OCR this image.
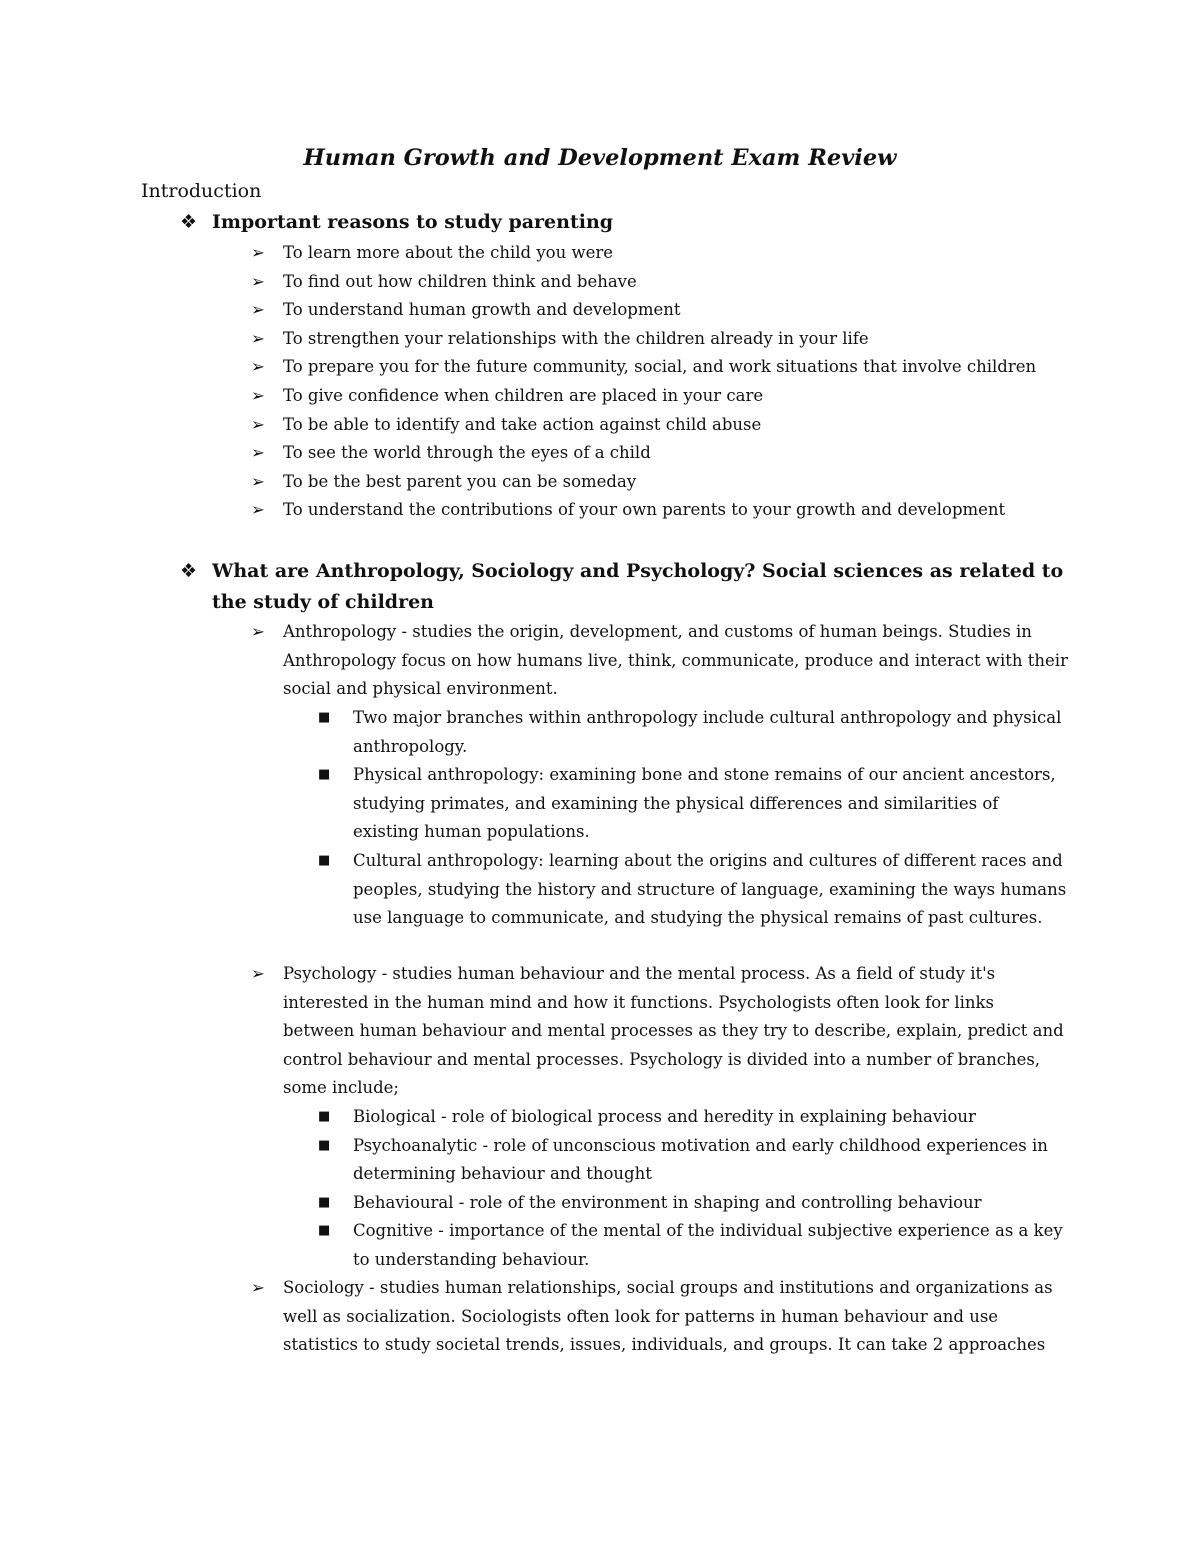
Human Growth and Development Exam Review

Introduction

❖ Important reasons to study parenting
➢	To learn more about the child you were
➢	To find out how children think and behave
➢	To understand human growth and development
➢	To strengthen your relationships with the children already in your life
➢	To prepare you for the future community, social, and work situations that involve children
➢	To give confidence when children are placed in your care
➢	To be able to identify and take action against child abuse
➢	To see the world through the eyes of a child
➢	To be the best parent you can be someday
➢	To understand the contributions of your own parents to your growth and development
❖ What are Anthropology, Sociology and Psychology? Social sciences as related to the study of children
➢	Anthropology - studies the origin, development, and customs of human beings. Studies in Anthropology focus on how humans live, think, communicate, produce and interact with their social and physical environment.
■	Two major branches within anthropology include cultural anthropology and physical anthropology.
■	Physical anthropology: examining bone and stone remains of our ancient ancestors, studying primates, and examining the physical differences and similarities of existing human populations.
■	Cultural anthropology: learning about the origins and cultures of different races and peoples, studying the history and structure of language, examining the ways humans use language to communicate, and studying the physical remains of past cultures.
➢	Psychology - studies human behaviour and the mental process. As a field of study it's interested in the human mind and how it functions. Psychologists often look for links between human behaviour and mental processes as they try to describe, explain, predict and control behaviour and mental processes. Psychology is divided into a number of branches, some include;
■	Biological - role of biological process and heredity in explaining behaviour
■	Psychoanalytic - role of unconscious motivation and early childhood experiences in determining behaviour and thought
■	Behavioural - role of the environment in shaping and controlling behaviour
■	Cognitive - importance of the mental of the individual subjective experience as a key to understanding behaviour.
➢	Sociology - studies human relationships, social groups and institutions and organizations as well as socialization. Sociologists often look for patterns in human behaviour and use statistics to study societal trends, issues, individuals, and groups. It can take 2 approaches
